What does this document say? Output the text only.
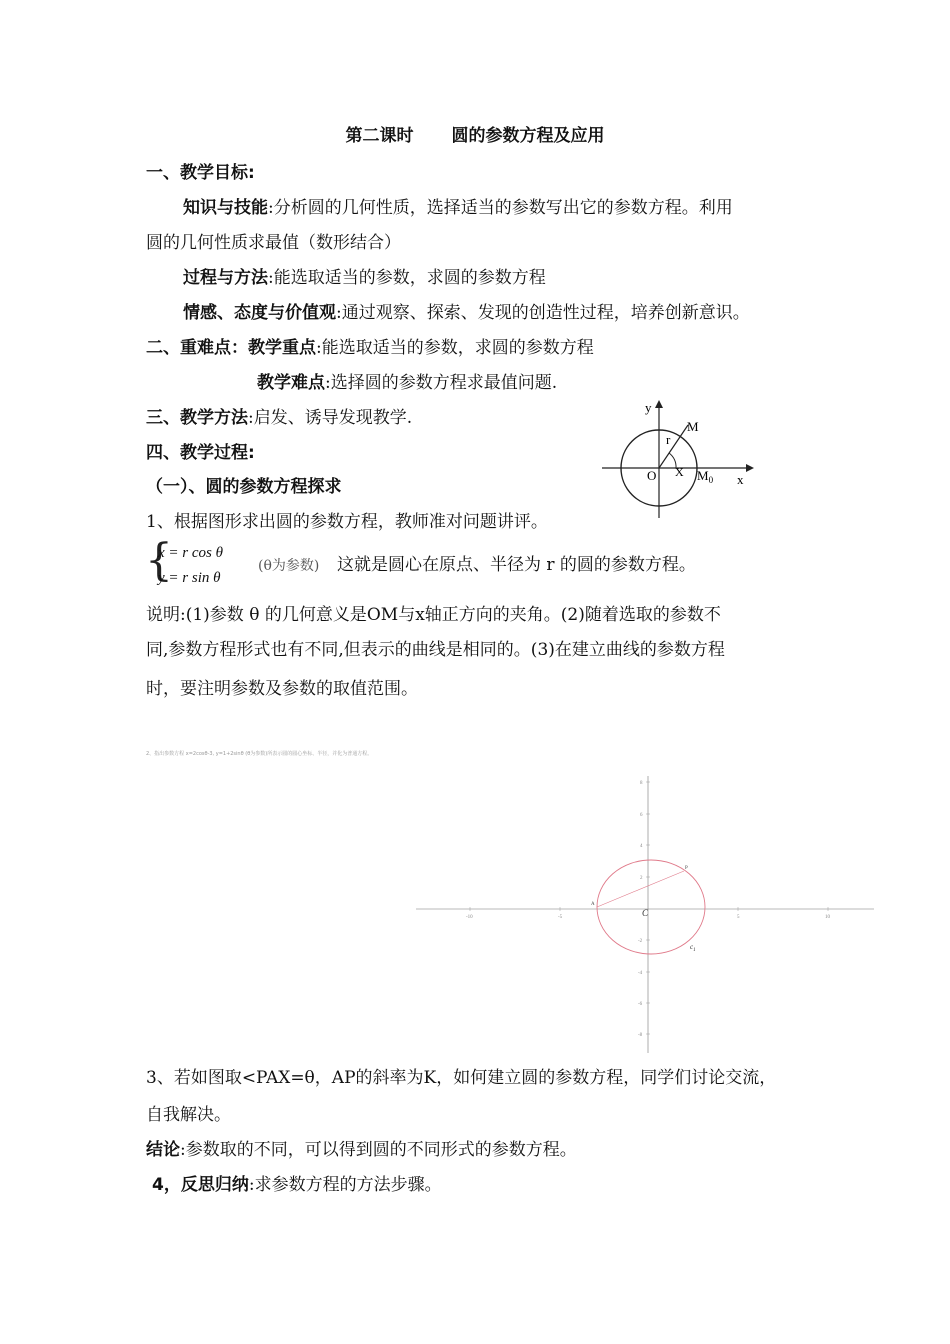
第二课时 圆的参数方程及应用
一、教学目标:
知识与技能:分析圆的几何性质，选择适当的参数写出它的参数方程。利用
圆的几何性质求最值（数形结合）
过程与方法:能选取适当的参数，求圆的参数方程
情感、态度与价值观:通过观察、探索、发现的创造性过程，培养创新意识。
二、重难点：教学重点:能选取适当的参数，求圆的参数方程
教学难点:选择圆的参数方程求最值问题.
三、教学方法:启发、诱导发现教学.
四、教学过程:
（一）、圆的参数方程探求
y
M
r
O X $M_0$ x
1、根据图形求出圆的参数方程，教师准对问题讲评。
{
x = r cos θ
y = r sin θ
(θ为参数) 这就是圆心在原点、半径为 r 的圆的参数方程。
说明:(1)参数 θ 的几何意义是OM与x轴正方向的夹角。(2)随着选取的参数不
同,参数方程形式也有不同,但表示的曲线是相同的。(3)在建立曲线的参数方程
时，要注明参数及参数的取值范围。
2、指出参数方程 x=2cosθ-3, y=1+2sinθ (θ为参数)所表示圆的圆心坐标、半径，并化为普通方程。
-10	-5	5	10
8
6
4
2
-2
-4
-6
-8
A
P
C
$c_1$
3、若如图取<PAX=θ，AP的斜率为K，如何建立圆的参数方程，同学们讨论交流，
自我解决。
结论:参数取的不同，可以得到圆的不同形式的参数方程。
4，反思归纳:求参数方程的方法步骤。
